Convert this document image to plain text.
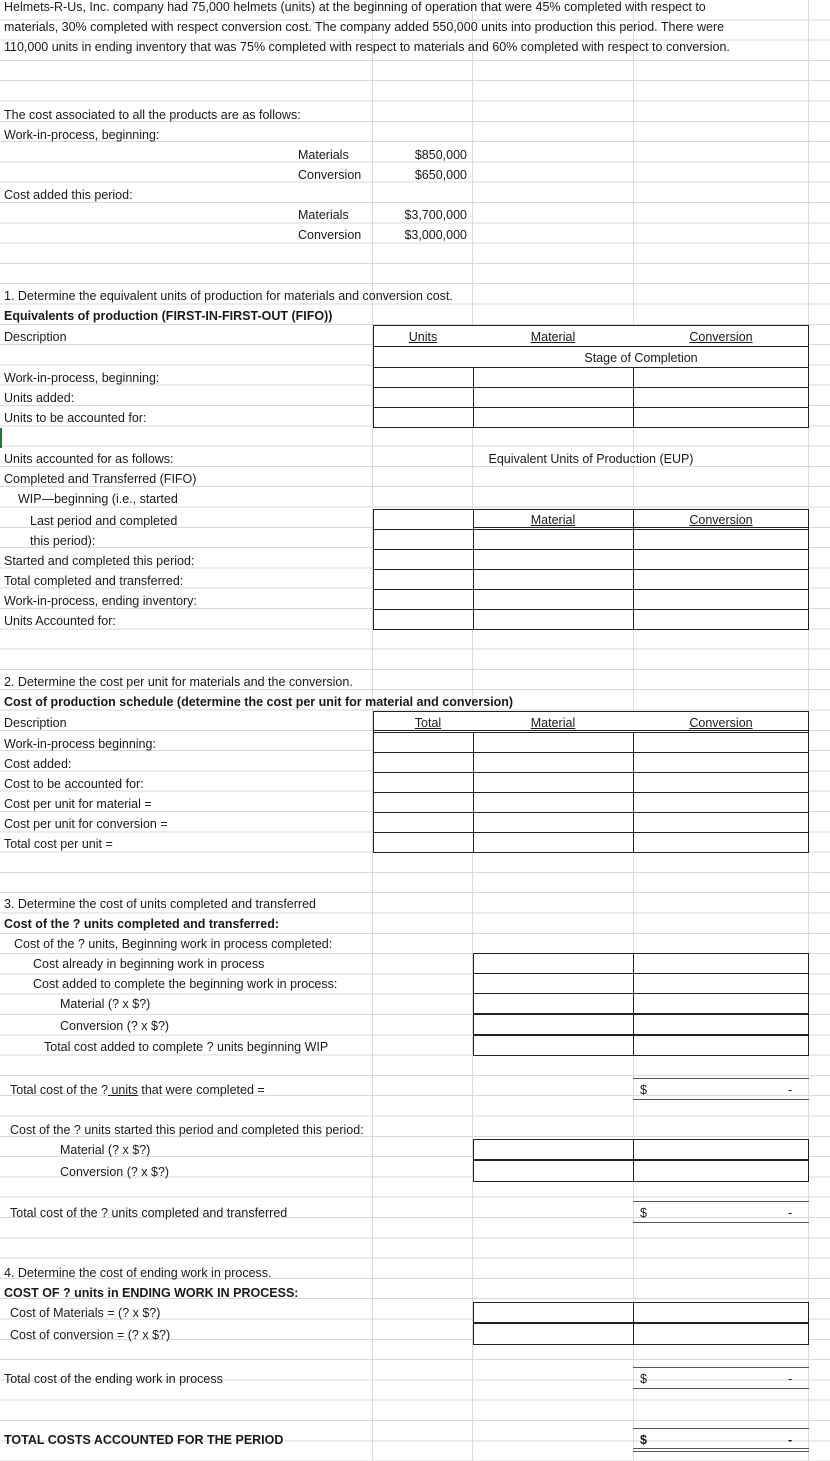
Helmets-R-Us, Inc. company had 75,000 helmets (units) at the beginning of operation that were 45% completed with respect to
materials, 30% completed with respect conversion cost. The company added 550,000 units into production this period. There were
110,000 units in ending inventory that was 75% completed with respect to materials and 60% completed with respect to conversion.
The cost associated to all the products are as follows:
Work-in-process, beginning:
Materials	$850,000
Conversion	$650,000
Cost added this period:
Materials	$3,700,000
Conversion	$3,000,000
1. Determine the equivalent units of production for materials and conversion cost.
Equivalents of production (FIRST-IN-FIRST-OUT (FIFO))
Description	Units	Material	Conversion
Stage of Completion
Work-in-process, beginning:
Units added:
Units to be accounted for:
Units accounted for as follows:	Equivalent Units of Production (EUP)
Completed and Transferred (FIFO)
WIP—beginning (i.e., started
Last period and completed
this period):
Material	Conversion
Started and completed this period:
Total completed and transferred:
Work-in-process, ending inventory:
Units Accounted for:
2. Determine the cost per unit for materials and the conversion.
Cost of production schedule (determine the cost per unit for material and conversion)
Description	Total	Material	Conversion
Work-in-process beginning:
Cost added:
Cost to be accounted for:
Cost per unit for material =
Cost per unit for conversion =
Total cost per unit =
3. Determine the cost of units completed and transferred
Cost of the ? units completed and transferred:
Cost of the ? units, Beginning work in process completed:
Cost already in beginning work in process
Cost added to complete the beginning work in process:
Material (? x $?)
Conversion (? x $?)
Total cost added to complete ? units beginning WIP
Total cost of the ? units that were completed =	$	-
Cost of the ? units started this period and completed this period:
Material (? x $?)
Conversion (? x $?)
Total cost of the ? units completed and transferred	$	-
4. Determine the cost of ending work in process.
COST OF ? units in ENDING WORK IN PROCESS:
Cost of Materials = (? x $?)
Cost of conversion = (? x $?)
Total cost of the ending work in process	$	-
TOTAL COSTS ACCOUNTED FOR THE PERIOD	$	-
